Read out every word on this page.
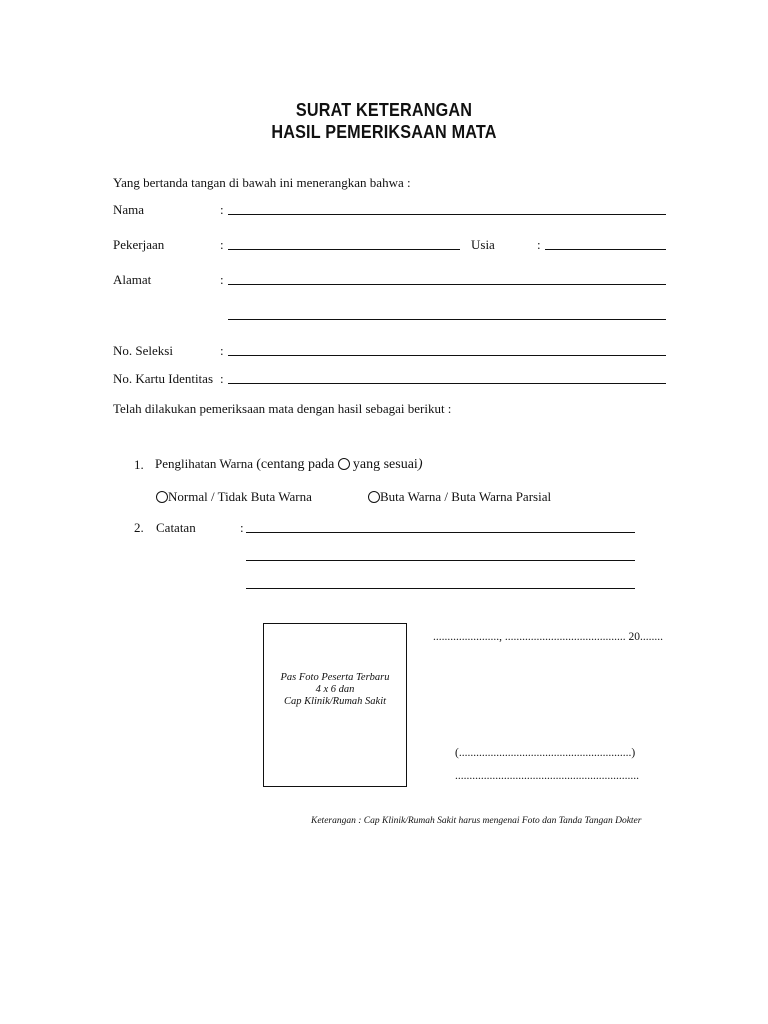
SURAT KETERANGAN
HASIL PEMERIKSAAN MATA
Yang bertanda tangan di bawah ini menerangkan bahwa :
Nama	:
Pekerjaan	:	Usia	:
Alamat	:
No. Seleksi	:
No. Kartu Identitas :
Telah dilakukan pemeriksaan mata dengan hasil sebagai berikut :
1. Penglihatan Warna (centang pada yang sesuai)
Normal / Tidak Buta Warna	Buta Warna / Buta Warna Parsial
2. Catatan	:
Pas Foto Peserta Terbaru
4 x 6 dan
Cap Klinik/Rumah Sakit
......................., .......................................... 20........
(............................................................)
................................................................
Keterangan : Cap Klinik/Rumah Sakit harus mengenai Foto dan Tanda Tangan Dokter
